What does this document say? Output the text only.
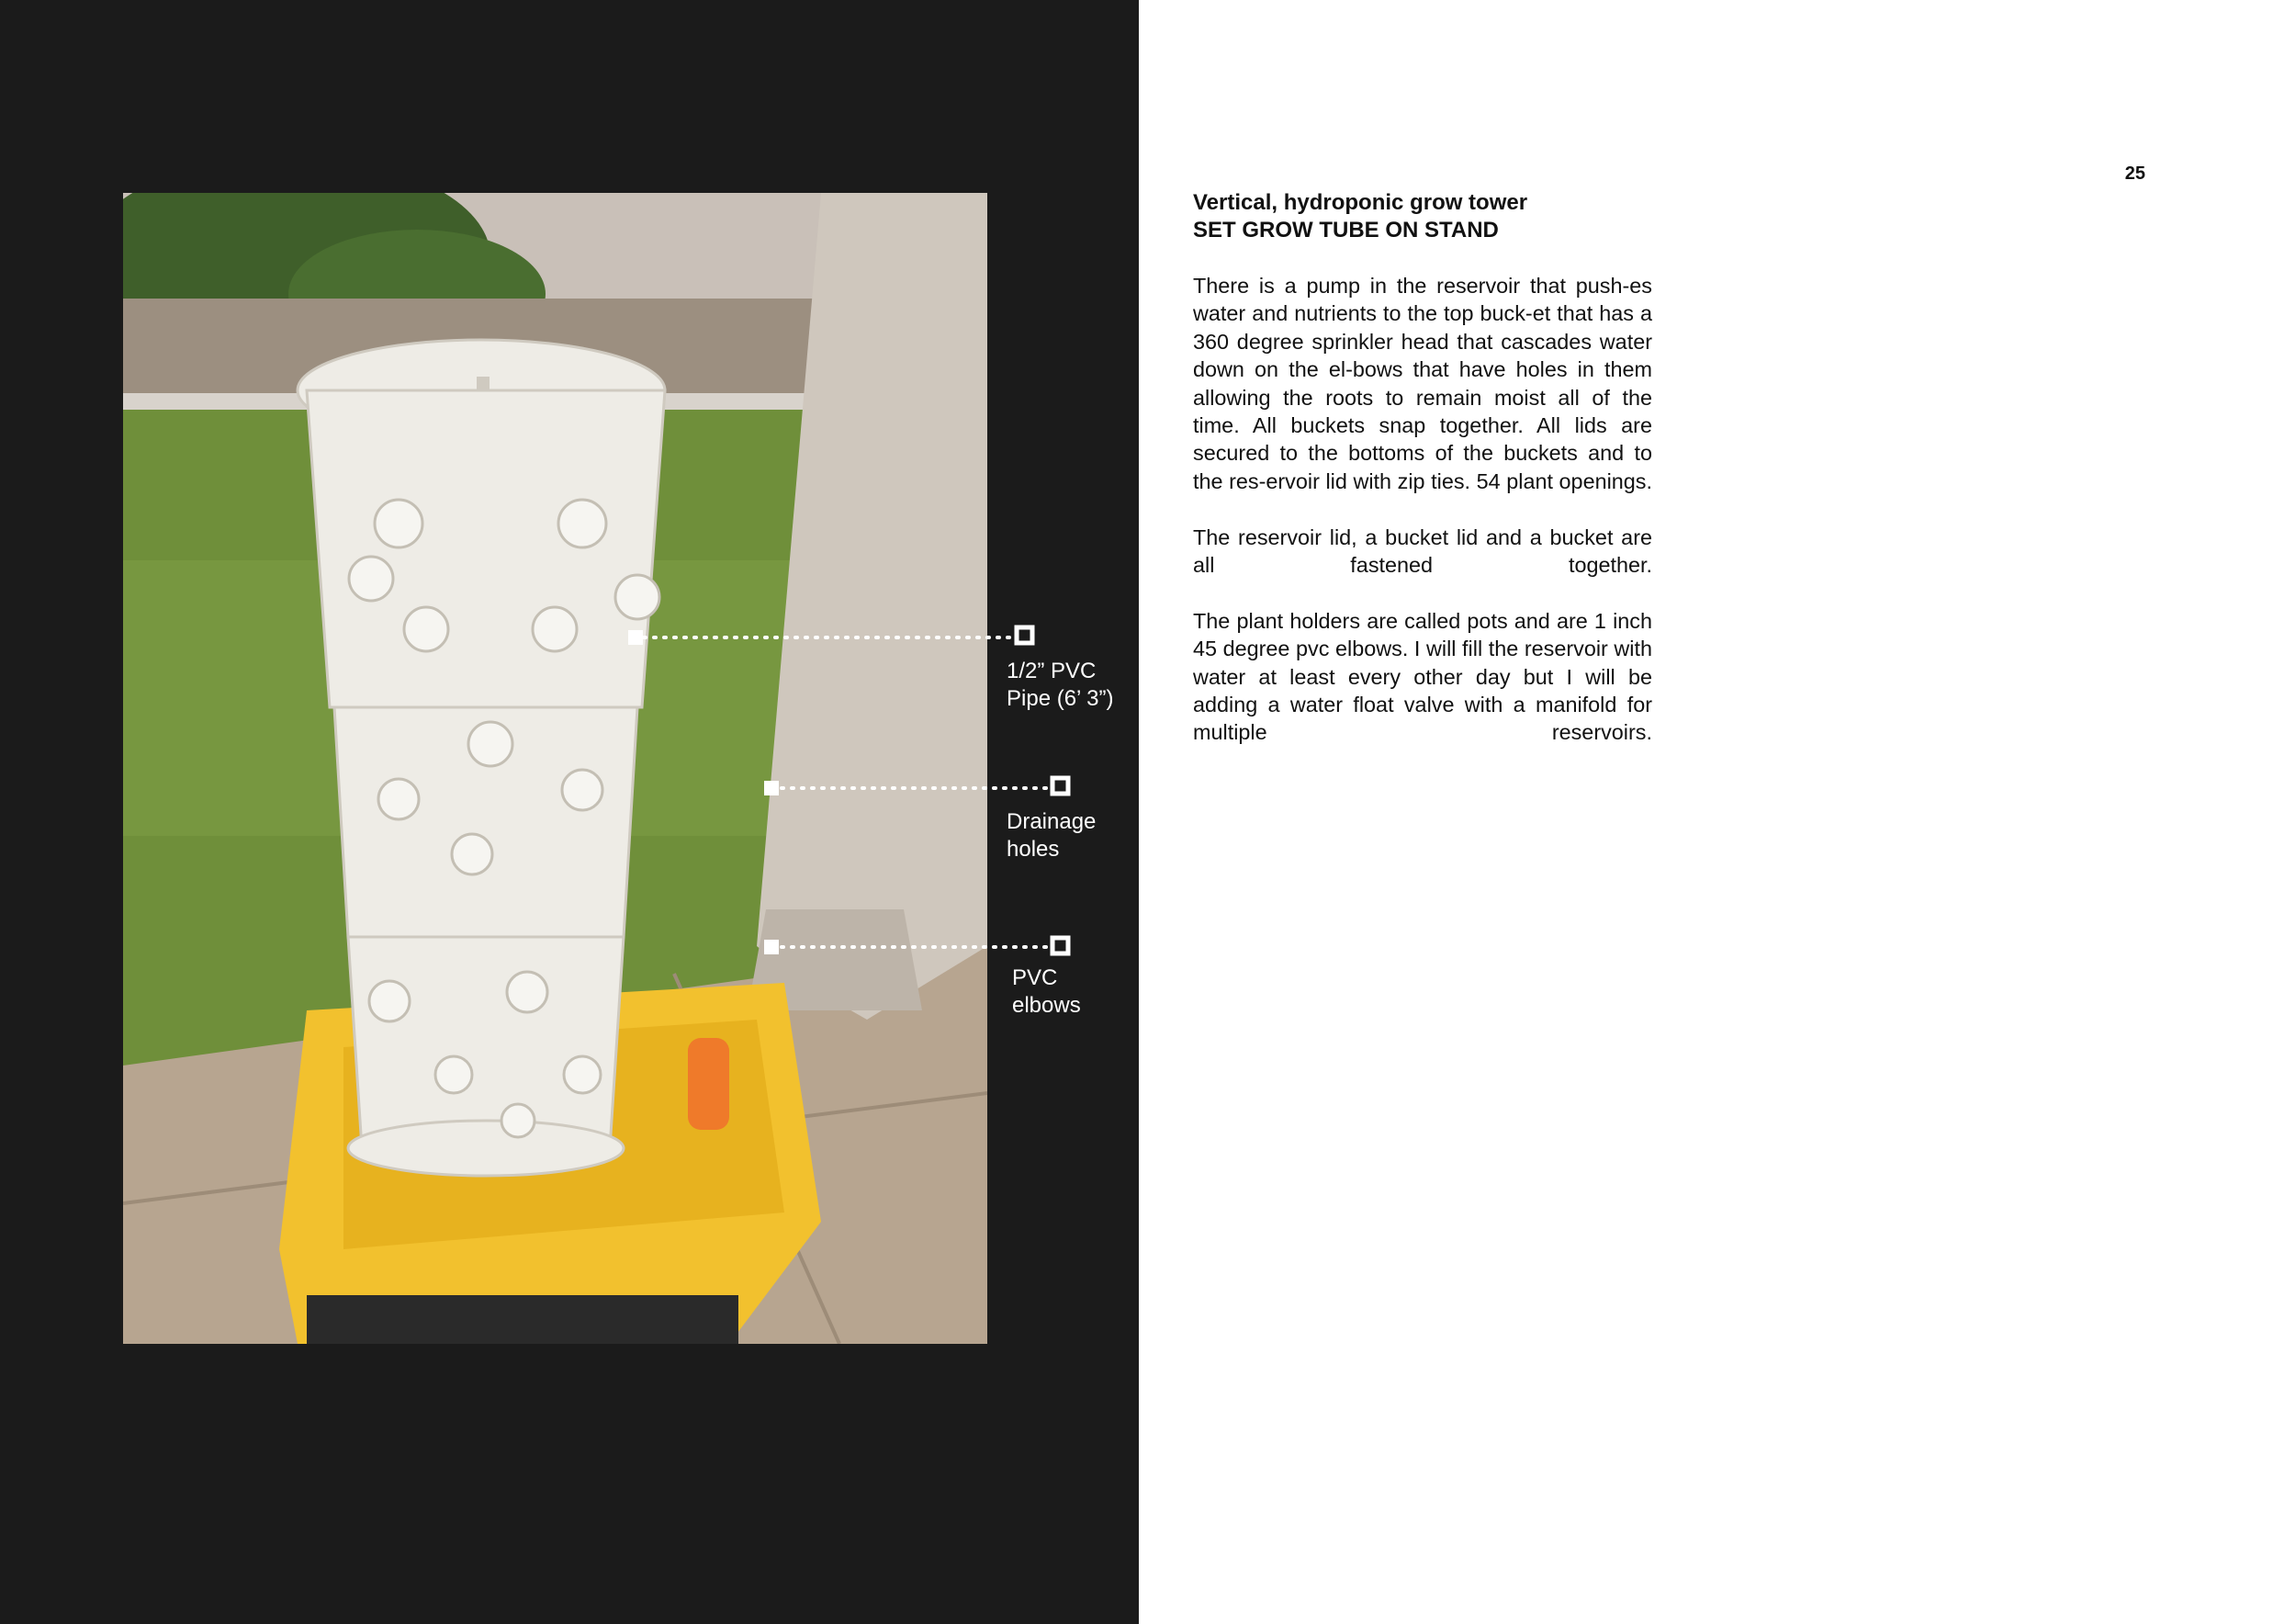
1/2” PVC
Pipe (6’ 3”)
Drainage
holes
PVC
elbows
25
Vertical, hydroponic grow tower
SET GROW TUBE ON STAND

There is a pump in the reservoir that push-es water and nutrients to the top buck-et that has a 360 degree sprinkler head that cascades water down on the el-bows that have holes in them allowing the roots to remain moist all of the time. All buckets snap together. All lids are secured to the bottoms of the buckets and to the res-ervoir lid with zip ties. 54 plant openings.

The reservoir lid, a bucket lid and a bucket are all fastened together.

The plant holders are called pots and are 1 inch 45 degree pvc elbows. I will fill the reservoir with water at least every other day but I will be adding a water float valve with a manifold for multiple reservoirs.
